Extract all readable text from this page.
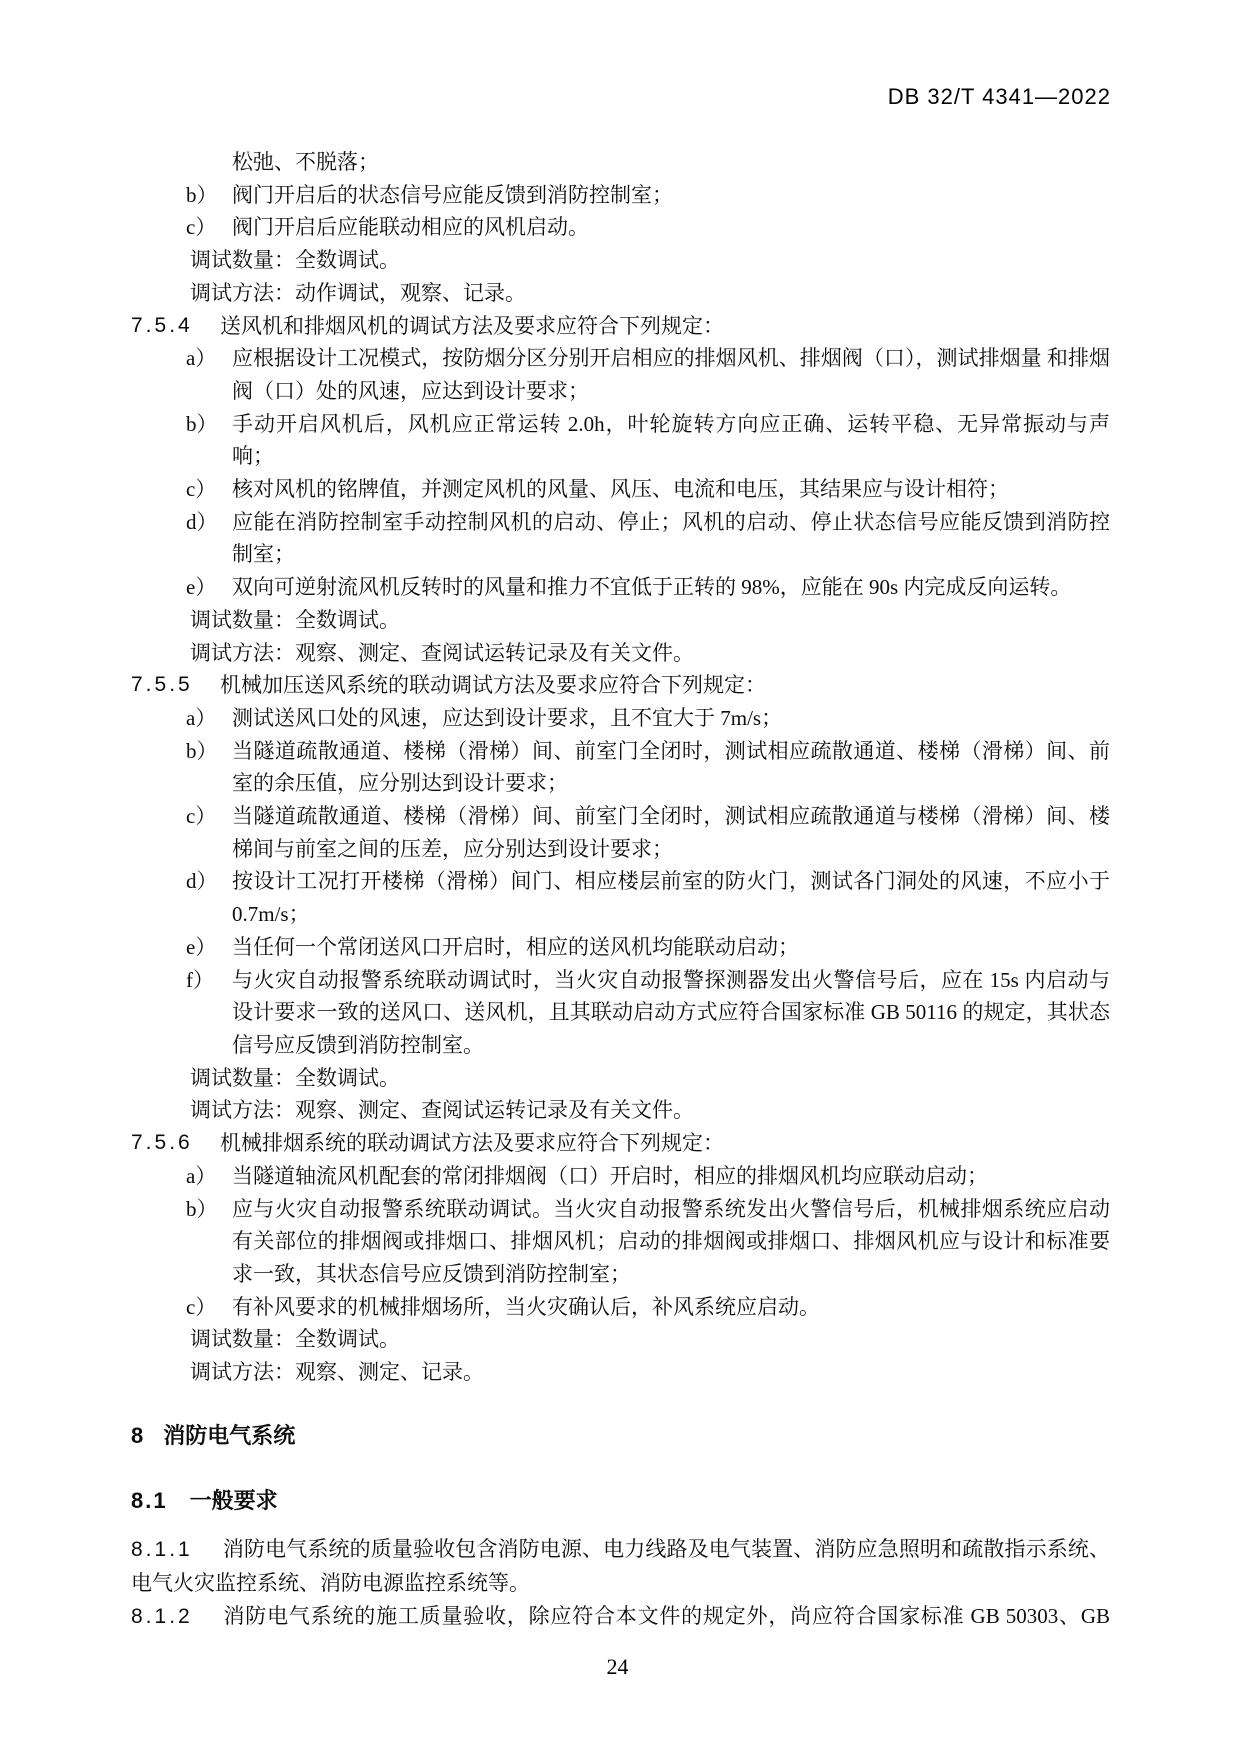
DB 32/T 4341—2022
松弛、不脱落；
b） 阀门开启后的状态信号应能反馈到消防控制室；
c） 阀门开启后应能联动相应的风机启动。
调试数量：全数调试。
调试方法：动作调试，观察、记录。
7.5.4	送风机和排烟风机的调试方法及要求应符合下列规定：
a） 应根据设计工况模式，按防烟分区分别开启相应的排烟风机、排烟阀（口），测试排烟量 和排烟阀（口）处的风速，应达到设计要求；
b） 手动开启风机后，风机应正常运转 2.0h，叶轮旋转方向应正确、运转平稳、无异常振动与声响；
c） 核对风机的铭牌值，并测定风机的风量、风压、电流和电压，其结果应与设计相符；
d） 应能在消防控制室手动控制风机的启动、停止；风机的启动、停止状态信号应能反馈到消防控制室；
e） 双向可逆射流风机反转时的风量和推力不宜低于正转的 98%，应能在 90s 内完成反向运转。
调试数量：全数调试。
调试方法：观察、测定、查阅试运转记录及有关文件。
7.5.5	机械加压送风系统的联动调试方法及要求应符合下列规定：
a） 测试送风口处的风速，应达到设计要求，且不宜大于 7m/s；
b） 当隧道疏散通道、楼梯（滑梯）间、前室门全闭时，测试相应疏散通道、楼梯（滑梯）间、前室的余压值，应分别达到设计要求；
c） 当隧道疏散通道、楼梯（滑梯）间、前室门全闭时，测试相应疏散通道与楼梯（滑梯）间、楼梯间与前室之间的压差，应分别达到设计要求；
d） 按设计工况打开楼梯（滑梯）间门、相应楼层前室的防火门，测试各门洞处的风速，不应小于 0.7m/s；
e） 当任何一个常闭送风口开启时，相应的送风机均能联动启动；
f） 与火灾自动报警系统联动调试时，当火灾自动报警探测器发出火警信号后，应在 15s 内启动与设计要求一致的送风口、送风机，且其联动启动方式应符合国家标准 GB 50116 的规定，其状态信号应反馈到消防控制室。
调试数量：全数调试。
调试方法：观察、测定、查阅试运转记录及有关文件。
7.5.6	机械排烟系统的联动调试方法及要求应符合下列规定：
a） 当隧道轴流风机配套的常闭排烟阀（口）开启时，相应的排烟风机均应联动启动；
b） 应与火灾自动报警系统联动调试。当火灾自动报警系统发出火警信号后，机械排烟系统应启动有关部位的排烟阀或排烟口、排烟风机；启动的排烟阀或排烟口、排烟风机应与设计和标准要求一致，其状态信号应反馈到消防控制室；
c） 有补风要求的机械排烟场所，当火灾确认后，补风系统应启动。
调试数量：全数调试。
调试方法：观察、测定、记录。
8 消防电气系统
8.1 一般要求

8.1.1 消防电气系统的质量验收包含消防电源、电力线路及电气装置、消防应急照明和疏散指示系统、电气火灾监控系统、消防电源监控系统等。

8.1.2 消防电气系统的施工质量验收，除应符合本文件的规定外，尚应符合国家标准 GB 50303、GB

24
